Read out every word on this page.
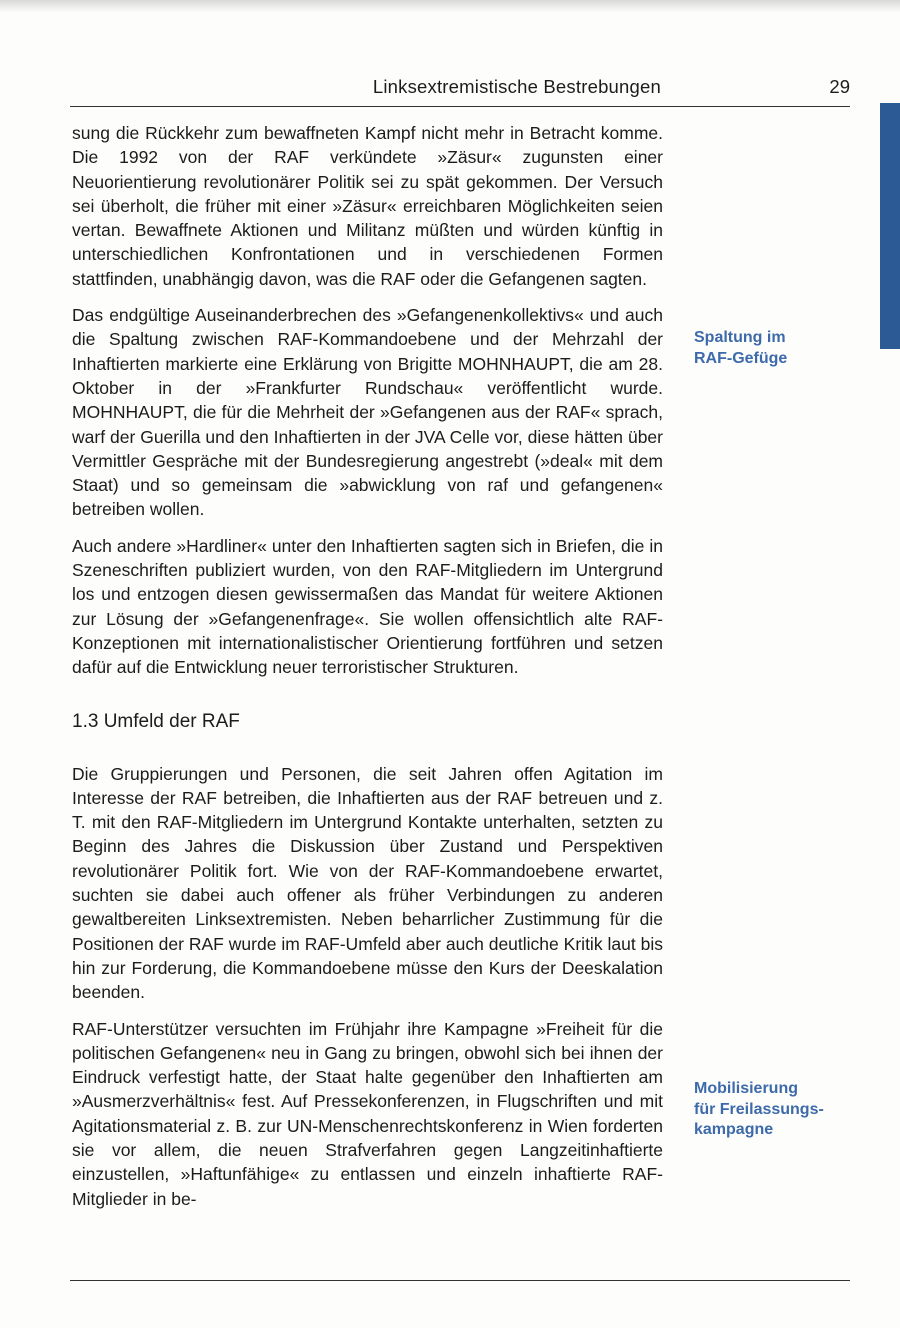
Linksextremistische Bestrebungen	29

sung die Rückkehr zum bewaffneten Kampf nicht mehr in Betracht komme. Die 1992 von der RAF verkündete »Zäsur« zugunsten einer Neuorientierung revolutionärer Politik sei zu spät gekommen. Der Versuch sei überholt, die früher mit einer »Zäsur« erreichbaren Möglichkeiten seien vertan. Bewaffnete Aktionen und Militanz müßten und würden künftig in unterschiedlichen Konfrontationen und in verschiedenen Formen stattfinden, unabhängig davon, was die RAF oder die Gefangenen sagten.

Das endgültige Auseinanderbrechen des »Gefangenenkollektivs« und auch die Spaltung zwischen RAF-Kommandoebene und der Mehrzahl der Inhaftierten markierte eine Erklärung von Brigitte MOHNHAUPT, die am 28. Oktober in der »Frankfurter Rundschau« veröffentlicht wurde. MOHNHAUPT, die für die Mehrheit der »Gefangenen aus der RAF« sprach, warf der Guerilla und den Inhaftierten in der JVA Celle vor, diese hätten über Vermittler Gespräche mit der Bundesregierung angestrebt (»deal« mit dem Staat) und so gemeinsam die »abwicklung von raf und gefangenen« betreiben wollen.

Auch andere »Hardliner« unter den Inhaftierten sagten sich in Briefen, die in Szeneschriften publiziert wurden, von den RAF-Mitgliedern im Untergrund los und entzogen diesen gewissermaßen das Mandat für weitere Aktionen zur Lösung der »Gefangenenfrage«. Sie wollen offensichtlich alte RAF-Konzeptionen mit internationalistischer Orientierung fortführen und setzen dafür auf die Entwicklung neuer terroristischer Strukturen.

1.3 Umfeld der RAF

Die Gruppierungen und Personen, die seit Jahren offen Agitation im Interesse der RAF betreiben, die Inhaftierten aus der RAF betreuen und z. T. mit den RAF-Mitgliedern im Untergrund Kontakte unterhalten, setzten zu Beginn des Jahres die Diskussion über Zustand und Perspektiven revolutionärer Politik fort. Wie von der RAF-Kommandoebene erwartet, suchten sie dabei auch offener als früher Verbindungen zu anderen gewaltbereiten Linksextremisten. Neben beharrlicher Zustimmung für die Positionen der RAF wurde im RAF-Umfeld aber auch deutliche Kritik laut bis hin zur Forderung, die Kommandoebene müsse den Kurs der Deeskalation beenden.

RAF-Unterstützer versuchten im Frühjahr ihre Kampagne »Freiheit für die politischen Gefangenen« neu in Gang zu bringen, obwohl sich bei ihnen der Eindruck verfestigt hatte, der Staat halte gegenüber den Inhaftierten am »Ausmerzverhältnis« fest. Auf Pressekonferenzen, in Flugschriften und mit Agitationsmaterial z. B. zur UN-Menschenrechtskonferenz in Wien forderten sie vor allem, die neuen Strafverfahren gegen Langzeitinhaftierte einzustellen, »Haftunfähige« zu entlassen und einzeln inhaftierte RAF-Mitglieder in be-

Spaltung im
RAF-Gefüge
Mobilisierung
für Freilassungs-
kampagne
